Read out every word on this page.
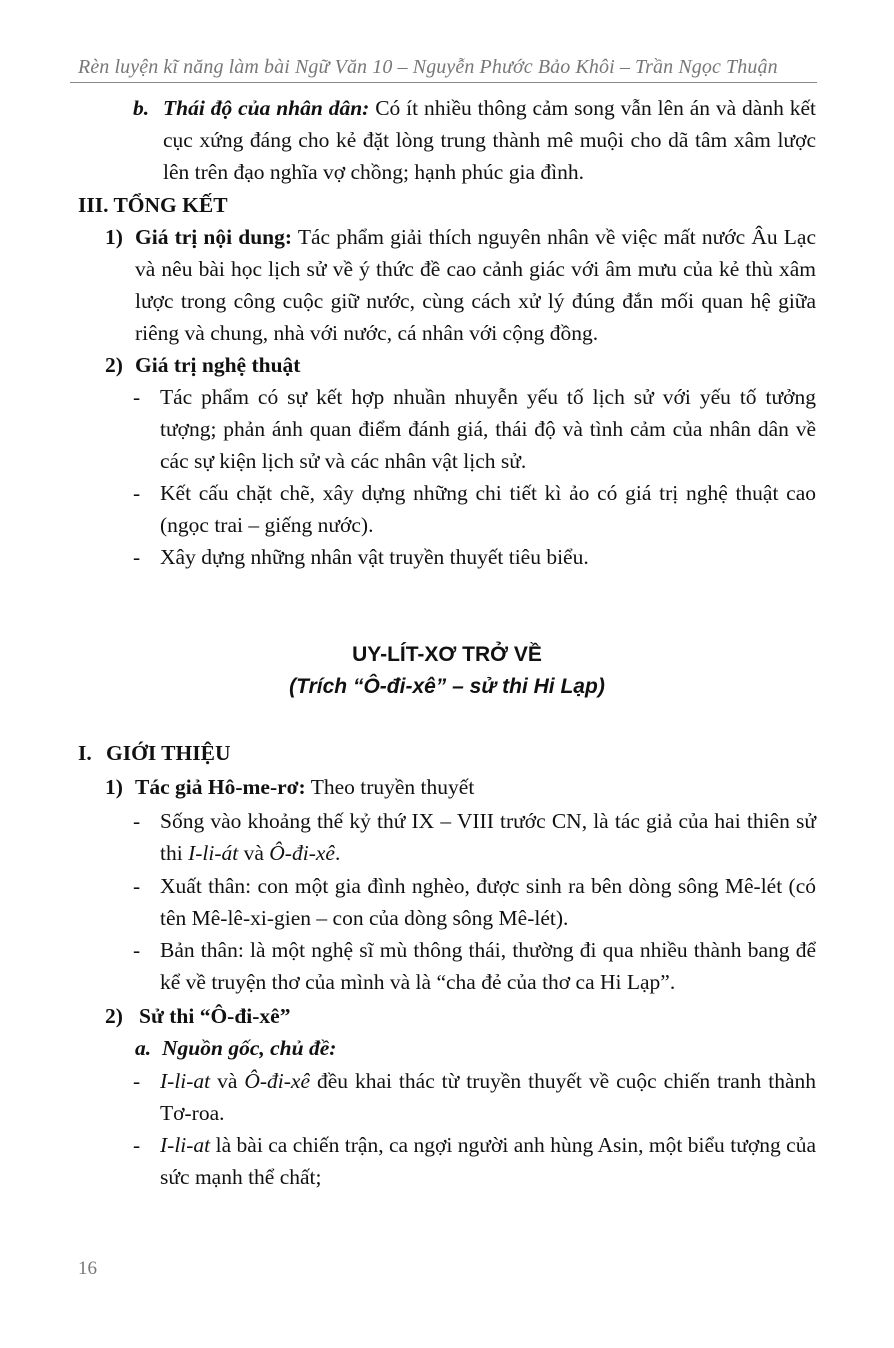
Rèn luyện kĩ năng làm bài Ngữ Văn 10 – Nguyễn Phước Bảo Khôi – Trần Ngọc Thuận
b. Thái độ của nhân dân: Có ít nhiều thông cảm song vẫn lên án và dành kết cục xứng đáng cho kẻ đặt lòng trung thành mê muội cho dã tâm xâm lược lên trên đạo nghĩa vợ chồng; hạnh phúc gia đình.
III. TỔNG KẾT
1) Giá trị nội dung: Tác phẩm giải thích nguyên nhân về việc mất nước Âu Lạc và nêu bài học lịch sử về ý thức đề cao cảnh giác với âm mưu của kẻ thù xâm lược trong công cuộc giữ nước, cùng cách xử lý đúng đắn mối quan hệ giữa riêng và chung, nhà với nước, cá nhân với cộng đồng.
2) Giá trị nghệ thuật
- Tác phẩm có sự kết hợp nhuần nhuyễn yếu tố lịch sử với yếu tố tưởng tượng; phản ánh quan điểm đánh giá, thái độ và tình cảm của nhân dân về các sự kiện lịch sử và các nhân vật lịch sử.
- Kết cấu chặt chẽ, xây dựng những chi tiết kì ảo có giá trị nghệ thuật cao (ngọc trai – giếng nước).
- Xây dựng những nhân vật truyền thuyết tiêu biểu.
UY-LÍT-XƠ TRỞ VỀ
(Trích “Ô-đi-xê” – sử thi Hi Lạp)
I. GIỚI THIỆU
1) Tác giả Hô-me-rơ: Theo truyền thuyết
- Sống vào khoảng thế kỷ thứ IX – VIII trước CN, là tác giả của hai thiên sử thi I-li-át và Ô-đi-xê.
- Xuất thân: con một gia đình nghèo, được sinh ra bên dòng sông Mê-lét (có tên Mê-lê-xi-gien – con của dòng sông Mê-lét).
- Bản thân: là một nghệ sĩ mù thông thái, thường đi qua nhiều thành bang để kể về truyện thơ của mình và là “cha đẻ của thơ ca Hi Lạp”.
2) Sử thi “Ô-đi-xê”
a. Nguồn gốc, chủ đề:
- I-li-at và Ô-đi-xê đều khai thác từ truyền thuyết về cuộc chiến tranh thành Tơ-roa.
- I-li-at là bài ca chiến trận, ca ngợi người anh hùng Asin, một biểu tượng của sức mạnh thể chất;
16
